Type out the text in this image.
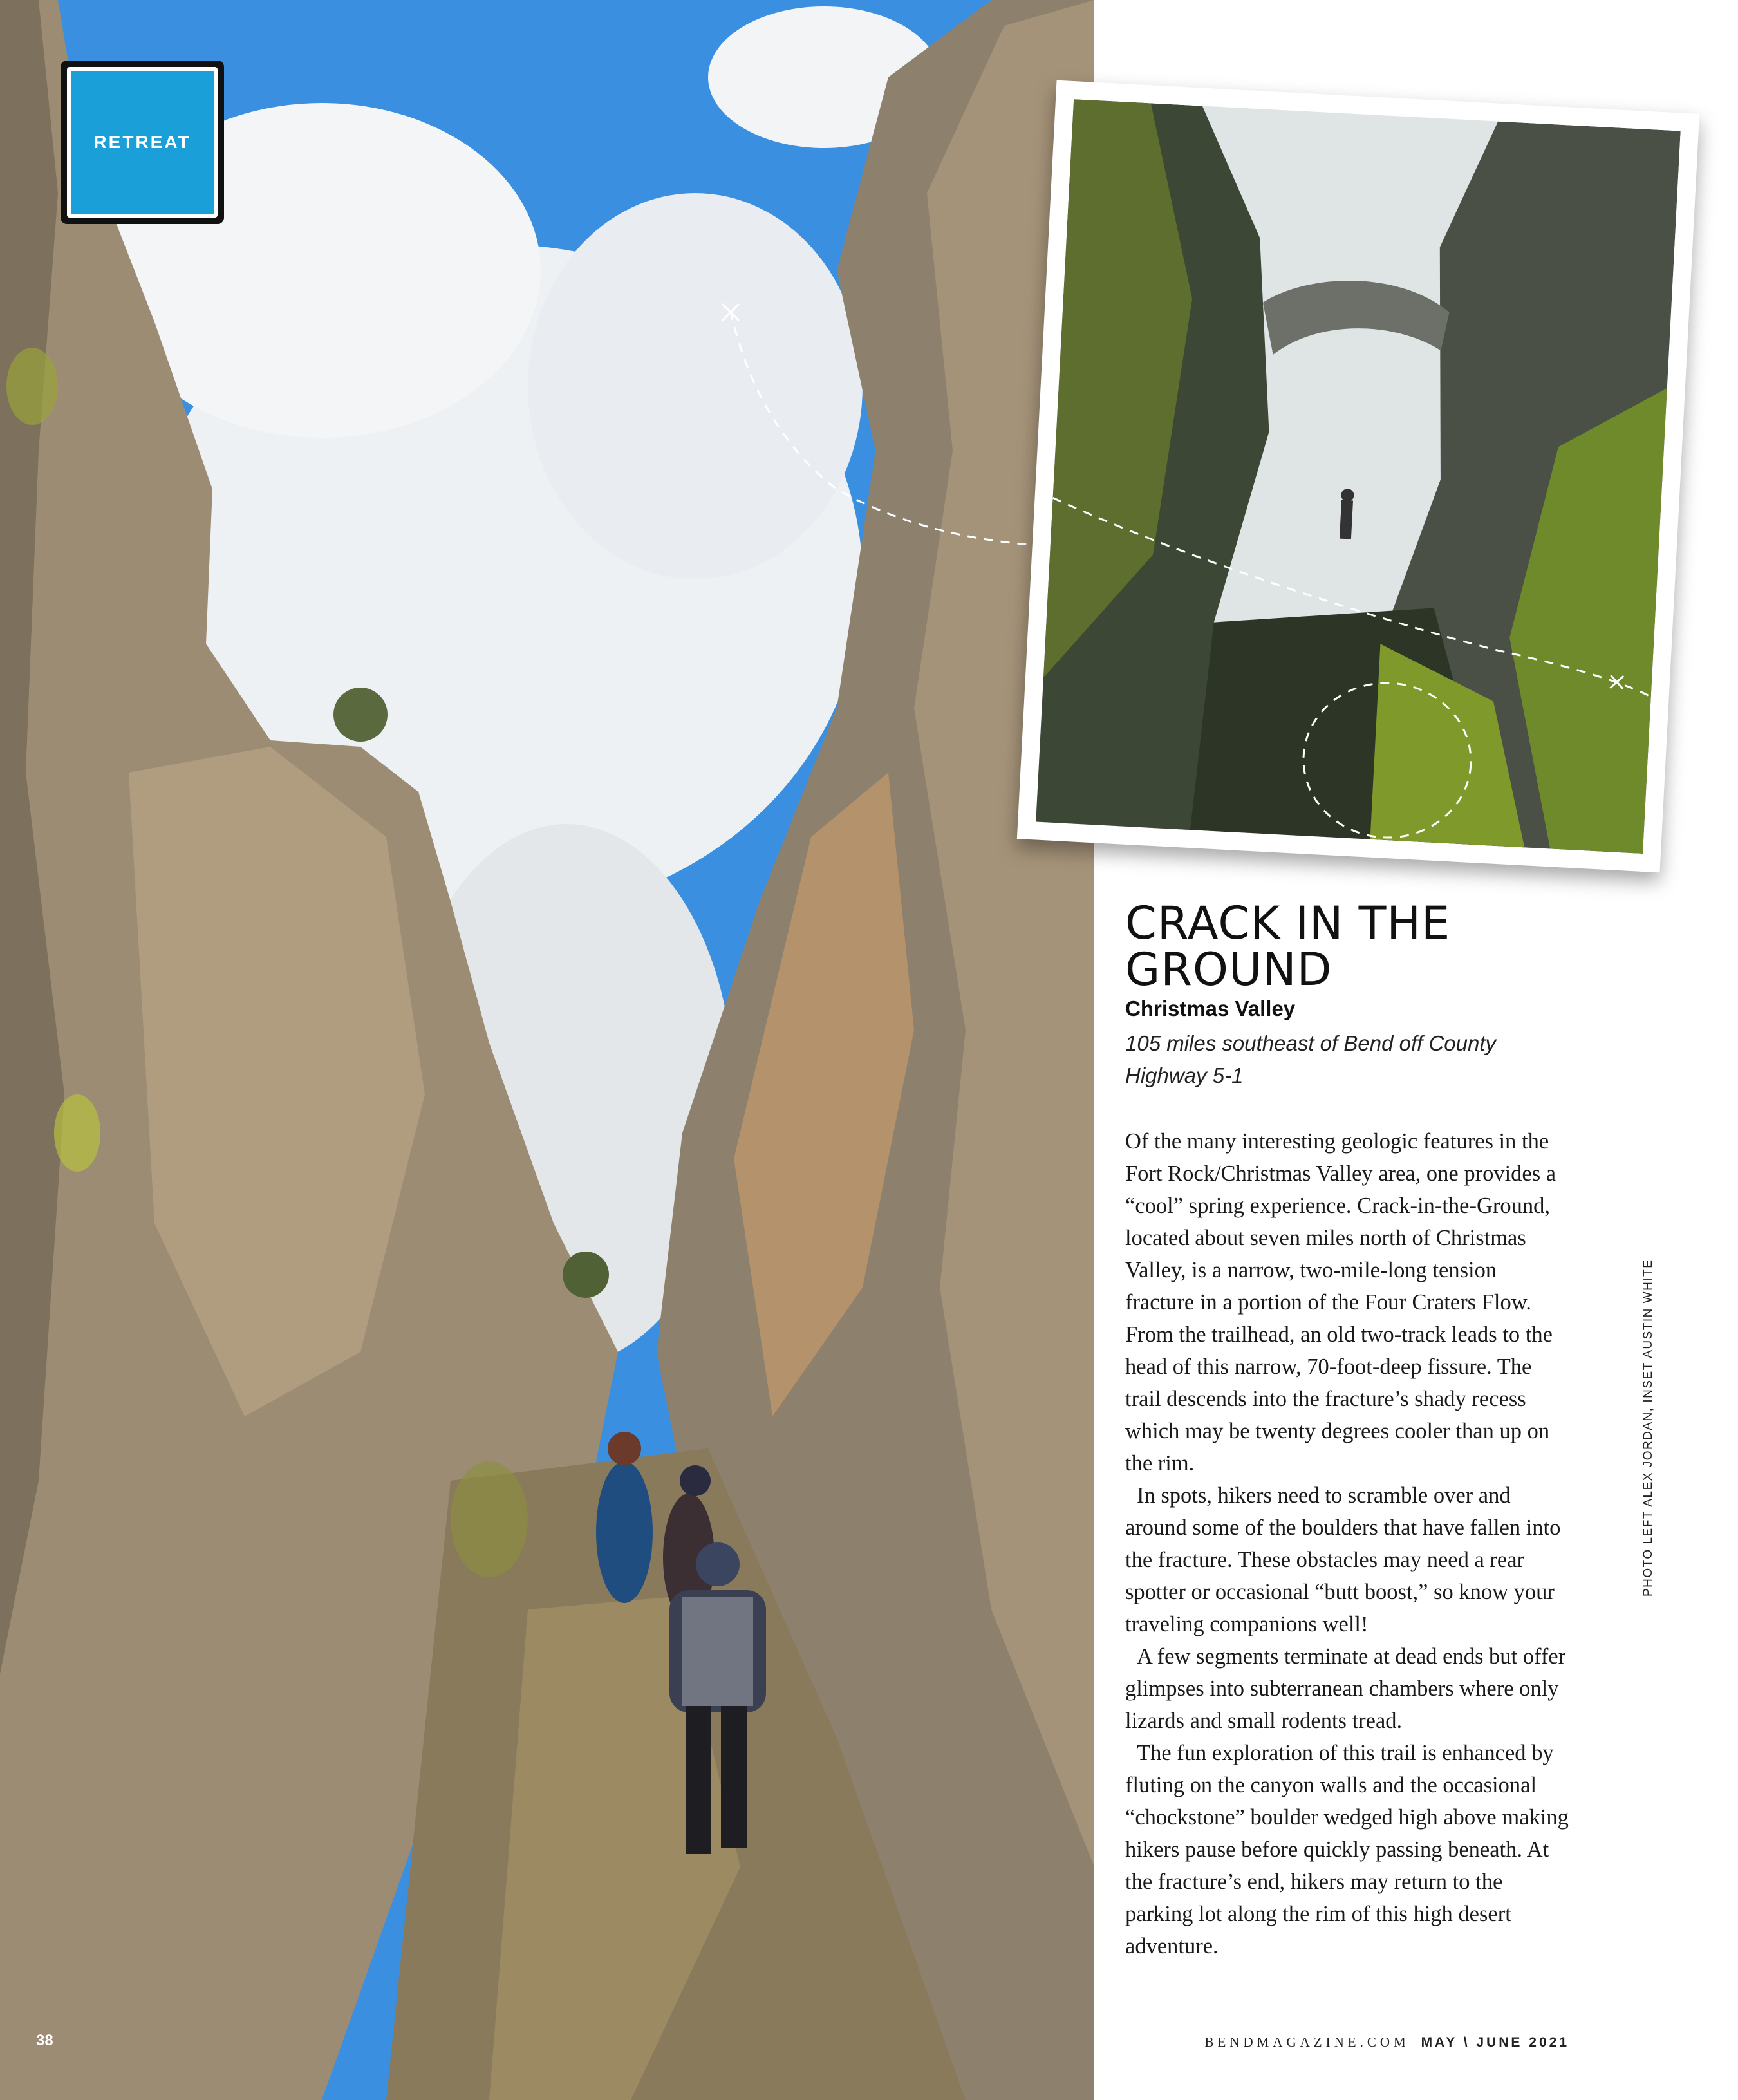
RETREAT
CRACK IN THE GROUND
Christmas Valley
105 miles southeast of Bend off County Highway 5-1

Of the many interesting geologic features in the Fort Rock/Christmas Valley area, one provides a “cool” spring experience. Crack-in-the-Ground, located about seven miles north of Christmas Valley, is a narrow, two-mile-long tension fracture in a portion of the Four Craters Flow. From the trailhead, an old two-track leads to the head of this narrow, 70-foot-deep fissure. The trail descends into the fracture’s shady recess which may be twenty degrees cooler than up on the rim.

In spots, hikers need to scramble over and around some of the boulders that have fallen into the fracture. These obstacles may need a rear spotter or occasional “butt boost,” so know your traveling companions well!

A few segments terminate at dead ends but offer glimpses into subterranean chambers where only lizards and small rodents tread.

The fun exploration of this trail is enhanced by fluting on the canyon walls and the occasional “chockstone” boulder wedged high above making hikers pause before quickly passing beneath. At the fracture’s end, hikers may return to the parking lot along the rim of this high desert adventure.

PHOTO LEFT ALEX JORDAN, INSET AUSTIN WHITE
38	BENDMAGAZINE.COM MAY \ JUNE 2021
